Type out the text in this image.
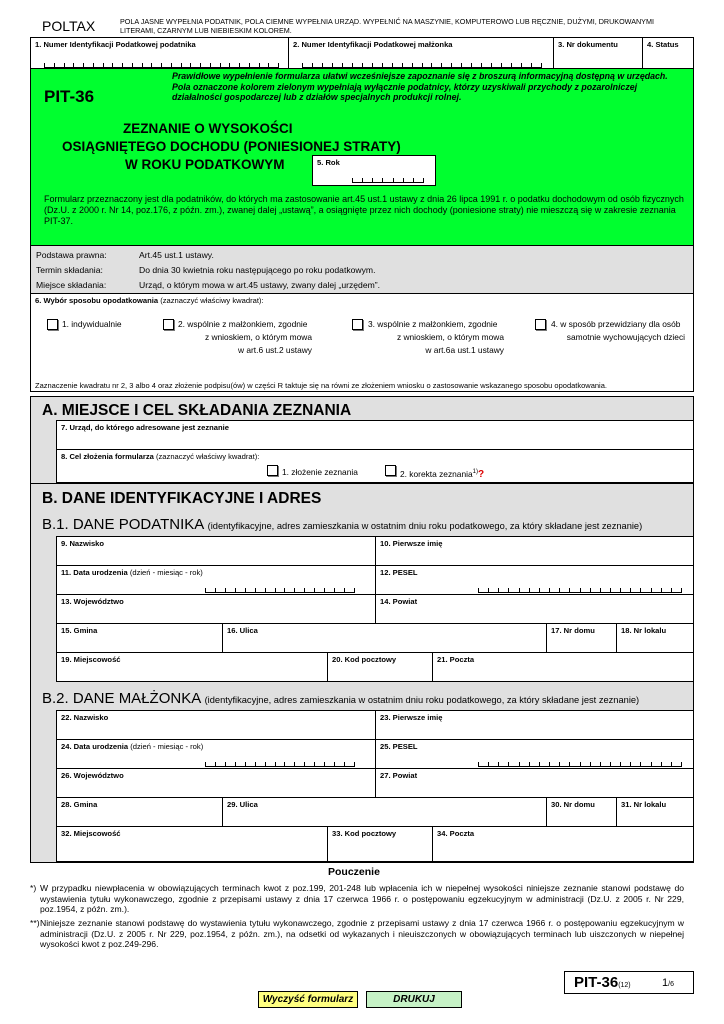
POLTAX	POLA JASNE WYPEŁNIA PODATNIK, POLA CIEMNE WYPEŁNIA URZĄD. WYPEŁNIĆ NA MASZYNIE, KOMPUTEROWO LUB RĘCZNIE, DUŻYMI, DRUKOWANYMI LITERAMI, CZARNYM LUB NIEBIESKIM KOLOREM.
1. Numer Identyfikacji Podatkowej podatnika	2. Numer Identyfikacji Podatkowej małżonka	3. Nr dokumentu	4. Status
PIT-36
Prawidłowe wypełnienie formularza ułatwi wcześniejsze zapoznanie się z broszurą informacyjną dostępną w urzędach. Pola oznaczone kolorem zielonym wypełniają wyłącznie podatnicy, którzy uzyskiwali przychody z pozarolniczej działalności gospodarczej lub z działów specjalnych produkcji rolnej.
ZEZNANIE O WYSOKOŚCI
OSIĄGNIĘTEGO DOCHODU (PONIESIONEJ STRATY)
W ROKU PODATKOWYM	5. Rok
Formularz przeznaczony jest dla podatników, do których ma zastosowanie art.45 ust.1 ustawy z dnia 26 lipca 1991 r. o podatku dochodowym od osób fizycznych (Dz.U. z 2000 r. Nr 14, poz.176, z późn. zm.), zwanej dalej „ustawą”, a osiągnięte przez nich dochody (poniesione straty) nie mieszczą się w zakresie zeznania PIT-37.
Podstawa prawna:	Art.45 ust.1 ustawy.
Termin składania:	Do dnia 30 kwietnia roku następującego po roku podatkowym.
Miejsce składania:	Urząd, o którym mowa w art.45 ustawy, zwany dalej „urzędem”.
6. Wybór sposobu opodatkowania (zaznaczyć właściwy kwadrat):
1. indywidualnie	2. wspólnie z małżonkiem, zgodnie
z wnioskiem, o którym mowa
w art.6 ust.2 ustawy
3. wspólnie z małżonkiem, zgodnie
z wnioskiem, o którym mowa
w art.6a ust.1 ustawy
4. w sposób przewidziany dla osób
samotnie wychowujących dzieci
Zaznaczenie kwadratu nr 2, 3 albo 4 oraz złożenie podpisu(ów) w części R taktuje się na równi ze złożeniem wniosku o zastosowanie wskazanego sposobu opodatkowania.
A. MIEJSCE I CEL SKŁADANIA ZEZNANIA
7. Urząd, do którego adresowane jest zeznanie
8. Cel złożenia formularza (zaznaczyć właściwy kwadrat):
1. złożenie zeznania	2. korekta zeznania$^{1)}$?
B. DANE IDENTYFIKACYJNE I ADRES
B.1. DANE PODATNIKA (identyfikacyjne, adres zamieszkania w ostatnim dniu roku podatkowego, za który składane jest zeznanie)
9. Nazwisko	10. Pierwsze imię
11. Data urodzenia (dzień - miesiąc - rok)	12. PESEL
13. Województwo	14. Powiat
15. Gmina	16. Ulica	17. Nr domu	18. Nr lokalu
19. Miejscowość	20. Kod pocztowy	21. Poczta
B.2. DANE MAŁŻONKA (identyfikacyjne, adres zamieszkania w ostatnim dniu roku podatkowego, za który składane jest zeznanie)
22. Nazwisko	23. Pierwsze imię
24. Data urodzenia (dzień - miesiąc - rok)	25. PESEL
26. Województwo	27. Powiat
28. Gmina	29. Ulica	30. Nr domu	31. Nr lokalu
32. Miejscowość	33. Kod pocztowy	34. Poczta
Pouczenie
*) W przypadku niewpłacenia w obowiązujących terminach kwot z poz.199, 201-248 lub wpłacenia ich w niepełnej wysokości niniejsze zeznanie stanowi podstawę do wystawienia tytułu wykonawczego, zgodnie z przepisami ustawy z dnia 17 czerwca 1966 r. o postępowaniu egzekucyjnym w administracji (Dz.U. z 2005 r. Nr 229, poz.1954, z późn. zm.).
**) Niniejsze zeznanie stanowi podstawę do wystawienia tytułu wykonawczego, zgodnie z przepisami ustawy z dnia 17 czerwca 1966 r. o postępowaniu egzekucyjnym w administracji (Dz.U. z 2005 r. Nr 229, poz.1954, z późn. zm.), na odsetki od wykazanych i nieuiszczonych w obowiązujących terminach lub uiszczonych w niepełnej wysokości kwot z poz.249-296.
PIT-36(12)	1/6
Wyczyść formularz	DRUKUJ
